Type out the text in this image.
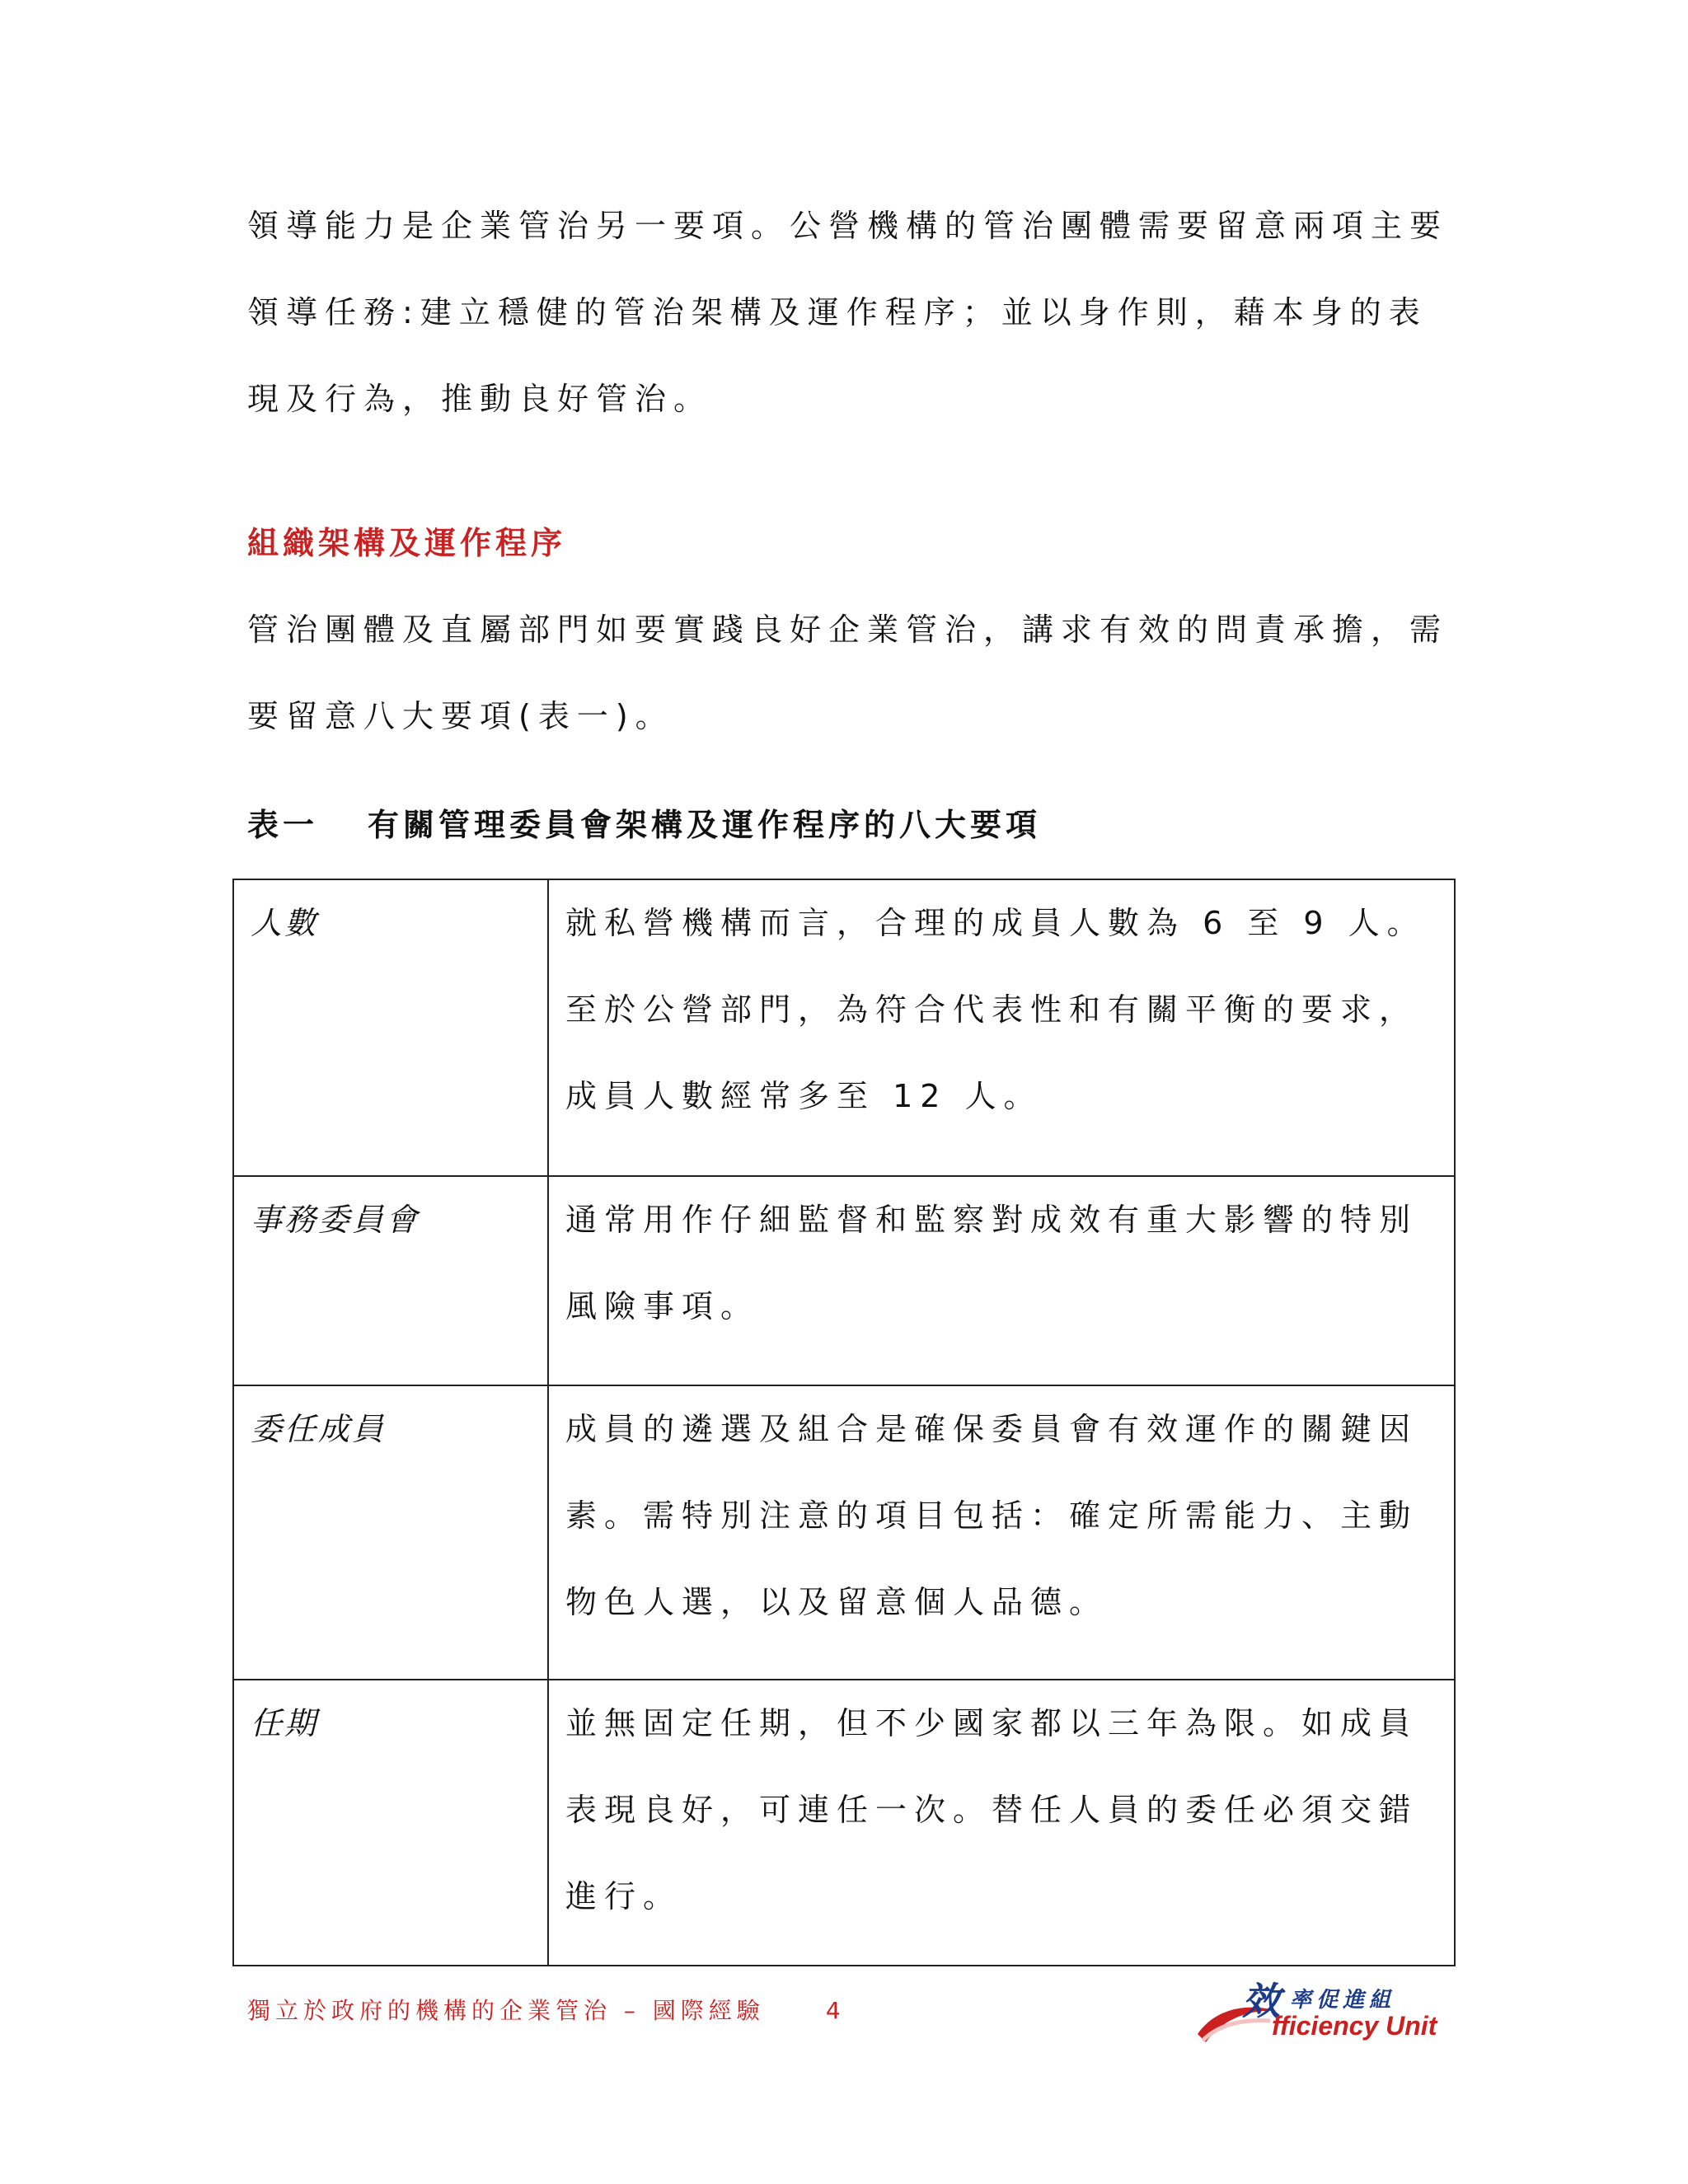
領導能力是企業管治另一要項。公營機構的管治團體需要留意兩項主要領導任務:建立穩健的管治架構及運作程序；並以身作則，藉本身的表現及行為，推動良好管治。

組織架構及運作程序

管治團體及直屬部門如要實踐良好企業管治，講求有效的問責承擔，需要留意八大要項(表一)。

表一 有關管理委員會架構及運作程序的八大要項
人數	就私營機構而言，合理的成員人數為 6 至 9 人。至於公營部門，為符合代表性和有關平衡的要求，成員人數經常多至 12 人。
事務委員會	通常用作仔細監督和監察對成效有重大影響的特別風險事項。
委任成員	成員的遴選及組合是確保委員會有效運作的關鍵因素。需特別注意的項目包括：確定所需能力、主動物色人選，以及留意個人品德。
任期	並無固定任期，但不少國家都以三年為限。如成員表現良好，可連任一次。替任人員的委任必須交錯進行。
獨立於政府的機構的企業管治 – 國際經驗	4	效 率促進組
fficiency Unit
